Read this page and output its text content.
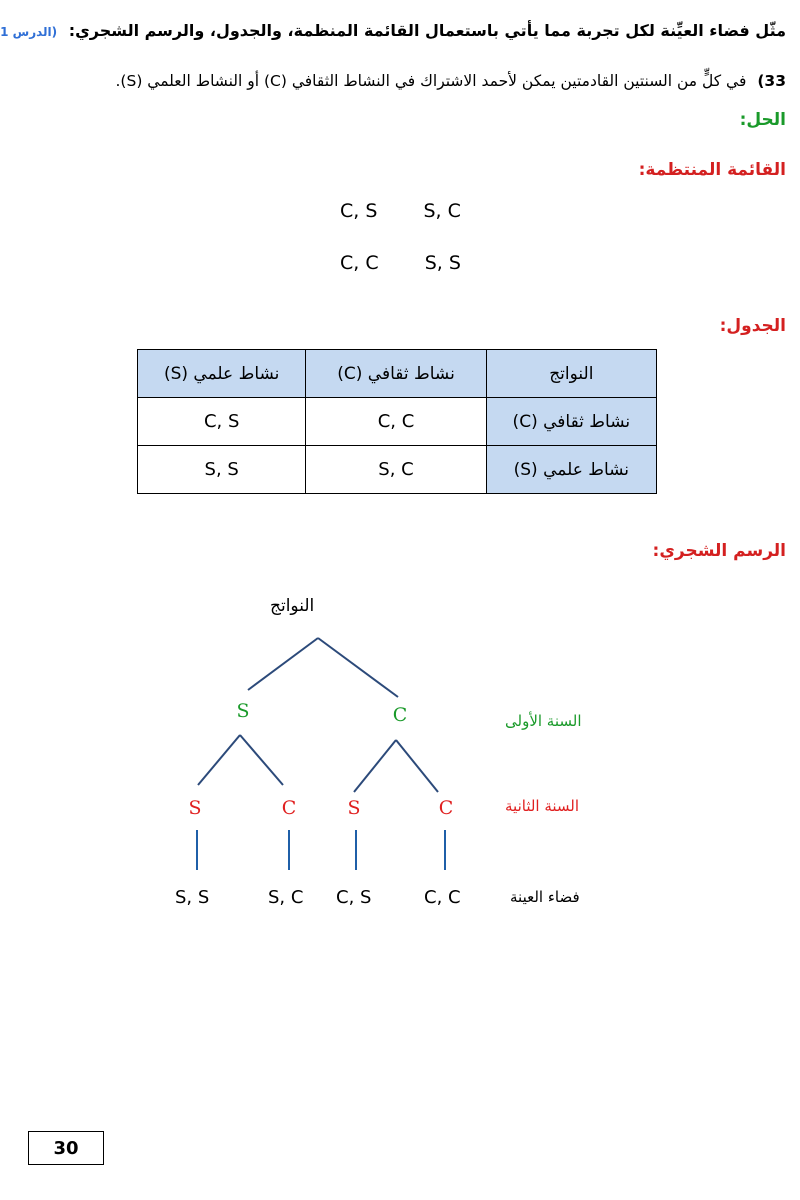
مثّل فضاء العيِّنة لكل تجربة مما يأتي باستعمال القائمة المنظمة، والجدول، والرسم الشجري: (الدرس 1
33) في كلٍّ من السنتين القادمتين يمكن لأحمد الاشتراك في النشاط الثقافي (C) أو النشاط العلمي (S).
الحل:
القائمة المنتظمة:
C, S S, C
C, C S, S
الجدول:
النواتج	نشاط ثقافي (C)	نشاط علمي (S)
نشاط ثقافي (C)	C, C	C, S
نشاط علمي (S)	S, C	S, S
الرسم الشجري:
النواتج
S	C
S	C	S	C
S, S	S, C C, S	C, C
السنة الأولى
السنة الثانية
فضاء العينة
30
